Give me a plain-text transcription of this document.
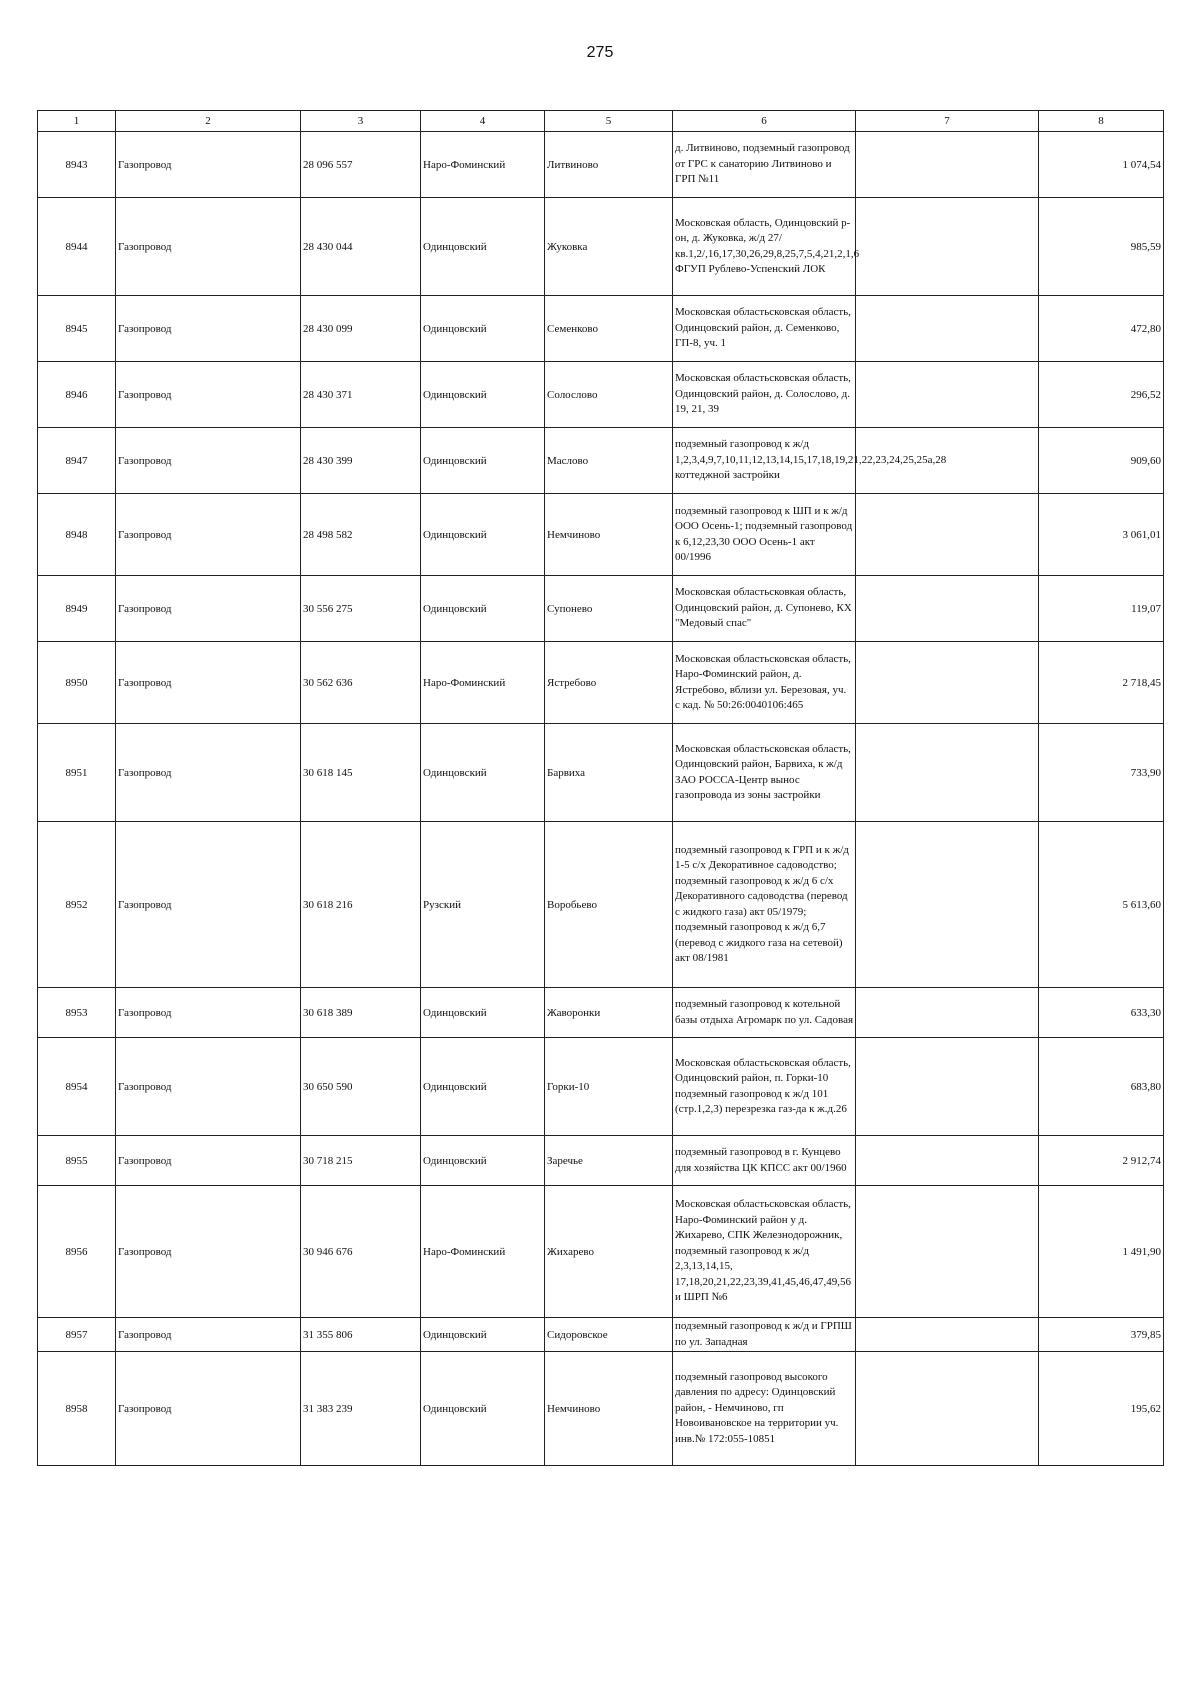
275
1	2	3	4	5	6	7	8
8943	Газопровод	28 096 557	Наро-Фоминский	Литвиново	д. Литвиново, подземный газопровод от ГРС к санаторию Литвиново и ГРП №11		1 074,54
8944	Газопровод	28 430 044	Одинцовский	Жуковка	Московская область, Одинцовский р-он, д. Жуковка, ж/д 27/кв.1,2/,16,17,30,26,29,8,25,7,5,4,21,2,1,6 ФГУП Рублево-Успенский ЛОК		985,59
8945	Газопровод	28 430 099	Одинцовский	Семенково	Московская областьсковская область, Одинцовский район, д. Семенково, ГП-8, уч. 1		472,80
8946	Газопровод	28 430 371	Одинцовский	Солослово	Московская областьсковская область, Одинцовский район, д. Солослово, д. 19, 21, 39		296,52
8947	Газопровод	28 430 399	Одинцовский	Маслово	подземный газопровод к ж/д 1,2,3,4,9,7,10,11,12,13,14,15,17,18,19,21,22,23,24,25,25а,28 коттеджной застройки		909,60
8948	Газопровод	28 498 582	Одинцовский	Немчиново	подземный газопровод к ШП и к ж/д ООО Осень-1; подземный газопровод к 6,12,23,30 ООО Осень-1 акт 00/1996		3 061,01
8949	Газопровод	30 556 275	Одинцовский	Супонево	Московская областьсковкая область, Одинцовский район, д. Супонево, КХ "Медовый спас"		119,07
8950	Газопровод	30 562 636	Наро-Фоминский	Ястребово	Московская областьсковская область, Наро-Фоминский район, д. Ястребово, вблизи ул. Березовая, уч. с кад. № 50:26:0040106:465		2 718,45
8951	Газопровод	30 618 145	Одинцовский	Барвиха	Московская областьсковская область, Одинцовский район, Барвиха, к ж/д ЗАО РОССА-Центр вынос газопровода из зоны застройки		733,90
8952	Газопровод	30 618 216	Рузский	Воробьево	подземный газопровод к ГРП и к ж/д 1-5 с/х Декоративное садоводство; подземный газопровод к ж/д 6 с/х Декоративного садоводства (перевод с жидкого газа) акт 05/1979; подземный газопровод к ж/д 6,7 (перевод с жидкого газа на сетевой) акт 08/1981		5 613,60
8953	Газопровод	30 618 389	Одинцовский	Жаворонки	подземный газопровод к котельной базы отдыха Агромарк по ул. Садовая		633,30
8954	Газопровод	30 650 590	Одинцовский	Горки-10	Московская областьсковская область, Одинцовский район, п. Горки-10 подземный газопровод к ж/д 101 (стр.1,2,3) перезрезка газ-да к ж.д.26		683,80
8955	Газопровод	30 718 215	Одинцовский	Заречье	подземный газопровод в г. Кунцево для хозяйства ЦК КПСС акт 00/1960		2 912,74
8956	Газопровод	30 946 676	Наро-Фоминский	Жихарево	Московская областьсковская область, Наро-Фоминский район у д. Жихарево, СПК Железнодорожник, подземный газопровод к ж/д 2,3,13,14,15, 17,18,20,21,22,23,39,41,45,46,47,49,56 и ШРП №6		1 491,90
8957	Газопровод	31 355 806	Одинцовский	Сидоровское	подземный газопровод к ж/д и ГРПШ по ул. Западная		379,85
8958	Газопровод	31 383 239	Одинцовский	Немчиново	подземный газопровод высокого давления по адресу: Одинцовский район, - Немчиново, гп Новоивановское на территории уч. инв.№ 172:055-10851		195,62
